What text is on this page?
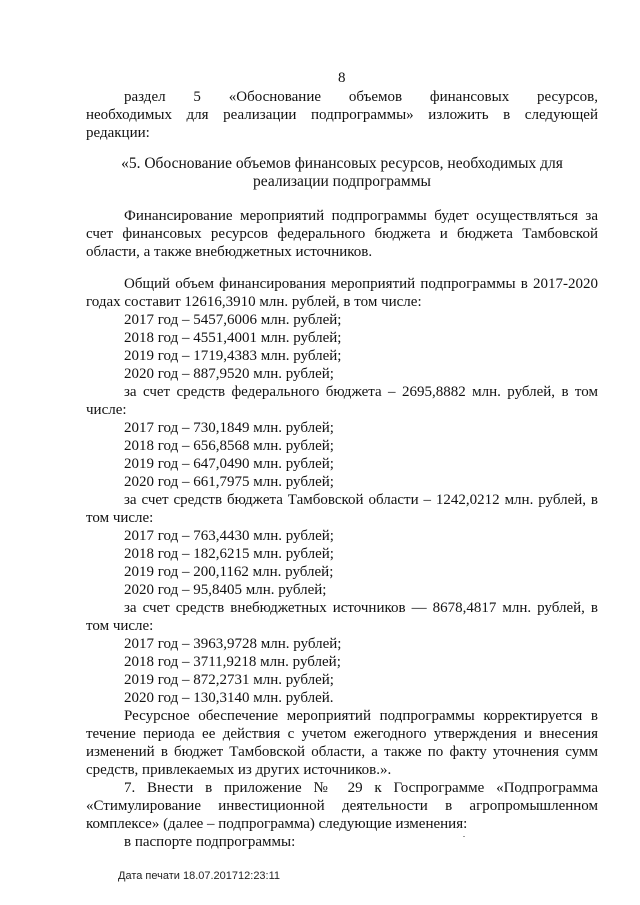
8
раздел 5 «Обоснование объемов финансовых ресурсов,
необходимых для реализации подпрограммы» изложить в следующей
редакции:
«5. Обоснование объемов финансовых ресурсов, необходимых для
реализации подпрограммы
Финансирование мероприятий подпрограммы будет осуществляться за
счет финансовых ресурсов федерального бюджета и бюджета Тамбовской
области, а также внебюджетных источников.
Общий объем финансирования мероприятий подпрограммы в 2017-2020
годах составит 12616,3910 млн. рублей, в том числе:
2017 год – 5457,6006 млн. рублей;
2018 год – 4551,4001 млн. рублей;
2019 год – 1719,4383 млн. рублей;
2020 год – 887,9520 млн. рублей;
за счет средств федерального бюджета – 2695,8882 млн. рублей, в том
числе:
2017 год – 730,1849 млн. рублей;
2018 год – 656,8568 млн. рублей;
2019 год – 647,0490 млн. рублей;
2020 год – 661,7975 млн. рублей;
за счет средств бюджета Тамбовской области – 1242,0212 млн. рублей, в
том числе:
2017 год – 763,4430 млн. рублей;
2018 год – 182,6215 млн. рублей;
2019 год – 200,1162 млн. рублей;
2020 год – 95,8405 млн. рублей;
за счет средств внебюджетных источников — 8678,4817 млн. рублей, в
том числе:
2017 год – 3963,9728 млн. рублей;
2018 год – 3711,9218 млн. рублей;
2019 год – 872,2731 млн. рублей;
2020 год – 130,3140 млн. рублей.
Ресурсное обеспечение мероприятий подпрограммы корректируется в
течение периода ее действия с учетом ежегодного утверждения и внесения
изменений в бюджет Тамбовской области, а также по факту уточнения сумм
средств, привлекаемых из других источников.».
7. Внести в приложение № 29 к Госпрограмме «Подпрограмма
«Стимулирование инвестиционной деятельности в агропромышленном
комплексе» (далее – подпрограмма) следующие изменения:
в паспорте подпрограммы:
Дата печати 18.07.201712:23:11
